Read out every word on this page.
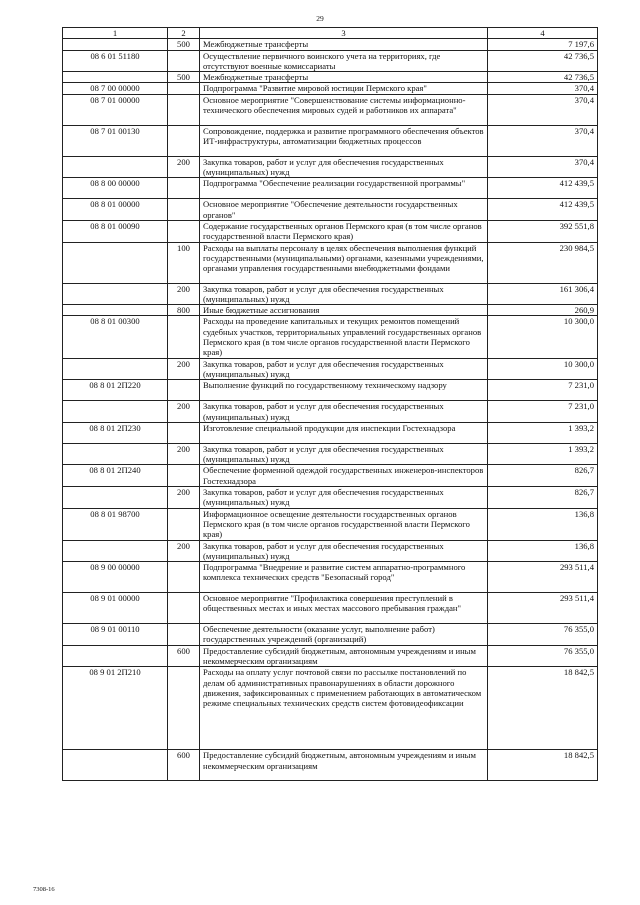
29
1	2	3	4
	500	Межбюджетные трансферты	7 197,6
08 6 01 51180		Осуществление первичного воинского учета на территориях, где отсутствуют военные комиссариаты	42 736,5
	500	Межбюджетные трансферты	42 736,5
08 7 00 00000		Подпрограмма "Развитие мировой юстиции Пермского края"	370,4
08 7 01 00000		Основное мероприятие "Совершенствование системы информационно-технического обеспечения мировых судей и работников их аппарата"	370,4
08 7 01 00130		Сопровождение, поддержка и развитие программного обеспечения объектов ИТ-инфраструктуры, автоматизации бюджетных процессов	370,4
	200	Закупка товаров, работ и услуг для обеспечения государственных (муниципальных) нужд	370,4
08 8 00 00000		Подпрограмма "Обеспечение реализации государственной программы"	412 439,5
08 8 01 00000		Основное мероприятие "Обеспечение деятельности государственных органов"	412 439,5
08 8 01 00090		Содержание государственных органов Пермского края (в том числе органов государственной власти Пермского края)	392 551,8
	100	Расходы на выплаты персоналу в целях обеспечения выполнения функций государственными (муниципальными) органами, казенными учреждениями, органами управления государственными внебюджетными фондами	230 984,5
	200	Закупка товаров, работ и услуг для обеспечения государственных (муниципальных) нужд	161 306,4
	800	Иные бюджетные ассигнования	260,9
08 8 01 00300		Расходы на проведение капитальных и текущих ремонтов помещений судебных участков, территориальных управлений государственных органов Пермского края (в том числе органов государственной власти Пермского края)	10 300,0
	200	Закупка товаров, работ и услуг для обеспечения государственных (муниципальных) нужд	10 300,0
08 8 01 2П220		Выполнение функций по государственному техническому надзору	7 231,0
	200	Закупка товаров, работ и услуг для обеспечения государственных (муниципальных) нужд	7 231,0
08 8 01 2П230		Изготовление специальной продукции для инспекции Гостехнадзора	1 393,2
	200	Закупка товаров, работ и услуг для обеспечения государственных (муниципальных) нужд	1 393,2
08 8 01 2П240		Обеспечение форменной одеждой государственных инженеров-инспекторов Гостехнадзора	826,7
	200	Закупка товаров, работ и услуг для обеспечения государственных (муниципальных) нужд	826,7
08 8 01 98700		Информационное освещение деятельности государственных органов Пермского края (в том числе органов государственной власти Пермского края)	136,8
	200	Закупка товаров, работ и услуг для обеспечения государственных (муниципальных) нужд	136,8
08 9 00 00000		Подпрограмма "Внедрение и развитие систем аппаратно-программного комплекса технических средств "Безопасный город"	293 511,4
08 9 01 00000		Основное мероприятие "Профилактика совершения преступлений в общественных местах и иных местах массового пребывания граждан"	293 511,4
08 9 01 00110		Обеспечение деятельности (оказание услуг, выполнение работ) государственных учреждений (организаций)	76 355,0
	600	Предоставление субсидий бюджетным, автономным учреждениям и иным некоммерческим организациям	76 355,0
08 9 01 2П210		Расходы на оплату услуг почтовой связи по рассылке постановлений по делам об административных правонарушениях в области дорожного движения, зафиксированных с применением работающих в автоматическом режиме специальных технических средств систем фотовидеофиксации	18 842,5
	600	Предоставление субсидий бюджетным, автономным учреждениям и иным некоммерческим организациям	18 842,5
7308-16
